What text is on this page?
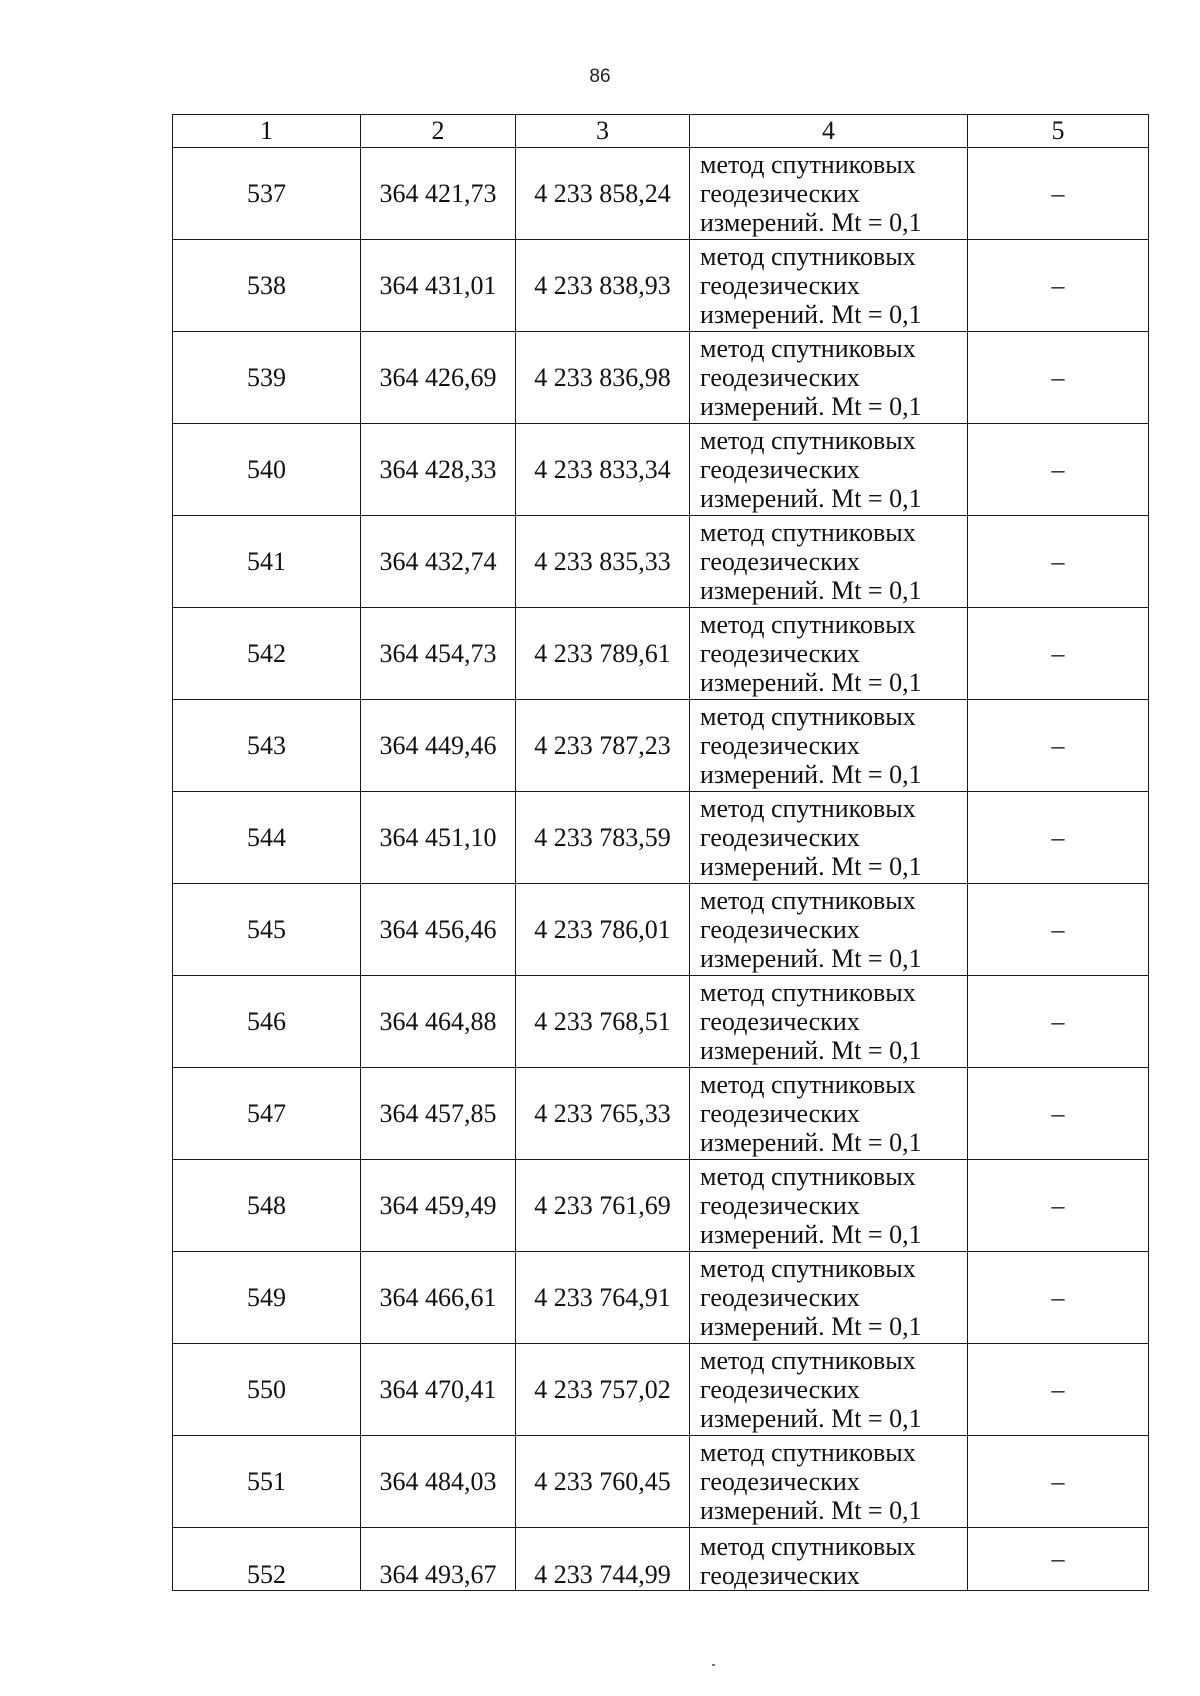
86
1	2	3	4	5
537	364 421,73	4 233 858,24	метод спутниковых
геодезических
измерений. Mt = 0,1	–
538	364 431,01	4 233 838,93	метод спутниковых
геодезических
измерений. Mt = 0,1	–
539	364 426,69	4 233 836,98	метод спутниковых
геодезических
измерений. Mt = 0,1	–
540	364 428,33	4 233 833,34	метод спутниковых
геодезических
измерений. Mt = 0,1	–
541	364 432,74	4 233 835,33	метод спутниковых
геодезических
измерений. Mt = 0,1	–
542	364 454,73	4 233 789,61	метод спутниковых
геодезических
измерений. Mt = 0,1	–
543	364 449,46	4 233 787,23	метод спутниковых
геодезических
измерений. Mt = 0,1	–
544	364 451,10	4 233 783,59	метод спутниковых
геодезических
измерений. Mt = 0,1	–
545	364 456,46	4 233 786,01	метод спутниковых
геодезических
измерений. Mt = 0,1	–
546	364 464,88	4 233 768,51	метод спутниковых
геодезических
измерений. Mt = 0,1	–
547	364 457,85	4 233 765,33	метод спутниковых
геодезических
измерений. Mt = 0,1	–
548	364 459,49	4 233 761,69	метод спутниковых
геодезических
измерений. Mt = 0,1	–
549	364 466,61	4 233 764,91	метод спутниковых
геодезических
измерений. Mt = 0,1	–
550	364 470,41	4 233 757,02	метод спутниковых
геодезических
измерений. Mt = 0,1	–
551	364 484,03	4 233 760,45	метод спутниковых
геодезических
измерений. Mt = 0,1	–
552	364 493,67	4 233 744,99	метод спутниковых
геодезических	–
